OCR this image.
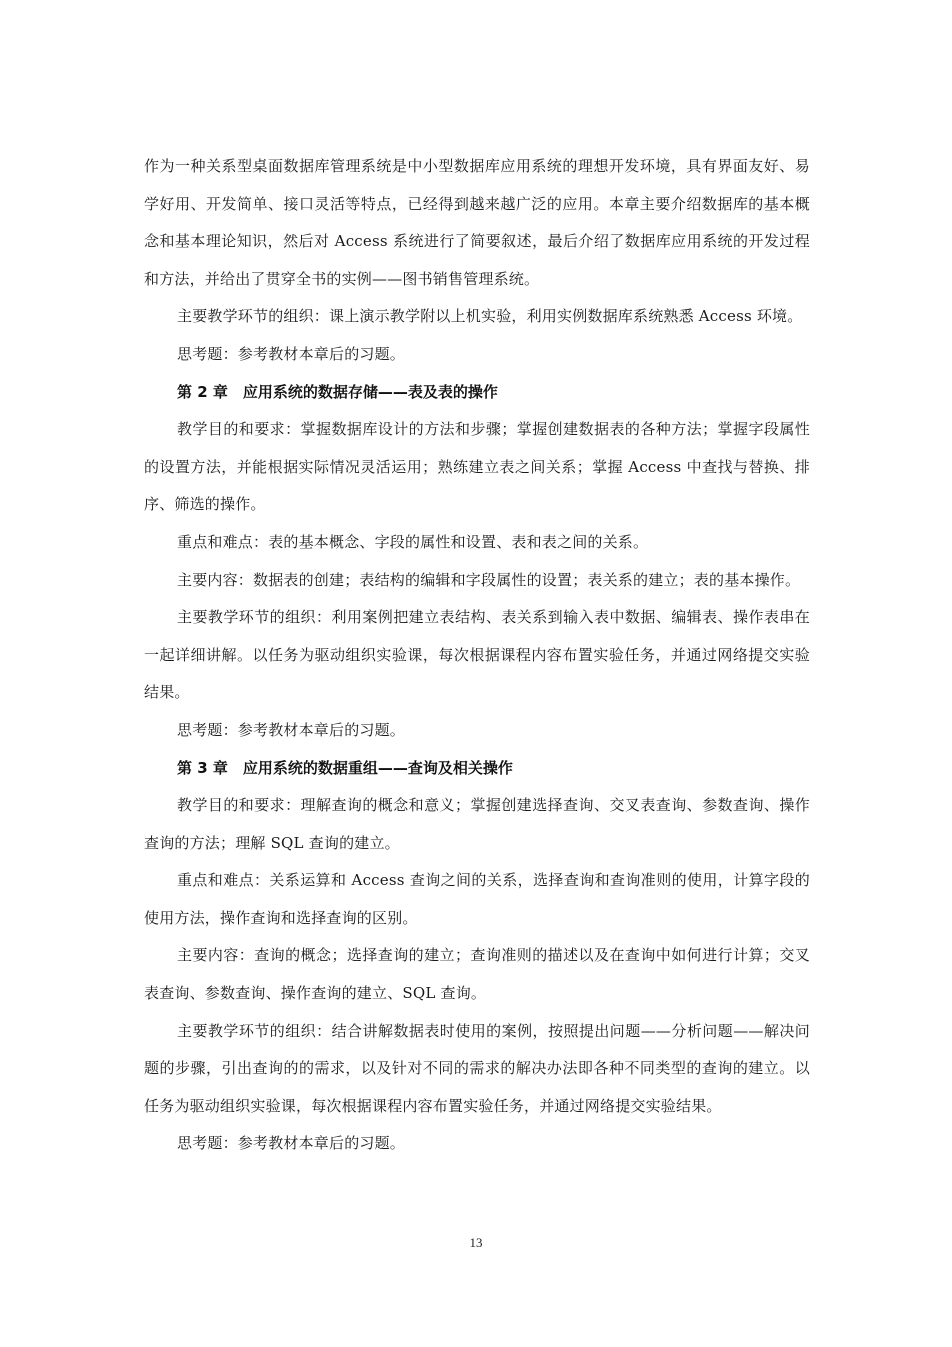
作为一种关系型桌面数据库管理系统是中小型数据库应用系统的理想开发环境，具有界面友好、易学好用、开发简单、接口灵活等特点，已经得到越来越广泛的应用。本章主要介绍数据库的基本概念和基本理论知识，然后对 Access 系统进行了简要叙述，最后介绍了数据库应用系统的开发过程和方法，并给出了贯穿全书的实例——图书销售管理系统。

主要教学环节的组织：课上演示教学附以上机实验，利用实例数据库系统熟悉 Access 环境。

思考题：参考教材本章后的习题。

第 2 章　应用系统的数据存储——表及表的操作

教学目的和要求：掌握数据库设计的方法和步骤；掌握创建数据表的各种方法；掌握字段属性的设置方法，并能根据实际情况灵活运用；熟练建立表之间关系；掌握 Access 中查找与替换、排序、筛选的操作。

重点和难点：表的基本概念、字段的属性和设置、表和表之间的关系。

主要内容：数据表的创建；表结构的编辑和字段属性的设置；表关系的建立；表的基本操作。

主要教学环节的组织：利用案例把建立表结构、表关系到输入表中数据、编辑表、操作表串在一起详细讲解。以任务为驱动组织实验课，每次根据课程内容布置实验任务，并通过网络提交实验结果。

思考题：参考教材本章后的习题。

第 3 章　应用系统的数据重组——查询及相关操作

教学目的和要求：理解查询的概念和意义；掌握创建选择查询、交叉表查询、参数查询、操作查询的方法；理解 SQL 查询的建立。

重点和难点：关系运算和 Access 查询之间的关系，选择查询和查询准则的使用，计算字段的使用方法，操作查询和选择查询的区别。

主要内容：查询的概念；选择查询的建立；查询准则的描述以及在查询中如何进行计算；交叉表查询、参数查询、操作查询的建立、SQL 查询。

主要教学环节的组织：结合讲解数据表时使用的案例，按照提出问题——分析问题——解决问题的步骤，引出查询的的需求，以及针对不同的需求的解决办法即各种不同类型的查询的建立。以任务为驱动组织实验课，每次根据课程内容布置实验任务，并通过网络提交实验结果。

思考题：参考教材本章后的习题。

13
